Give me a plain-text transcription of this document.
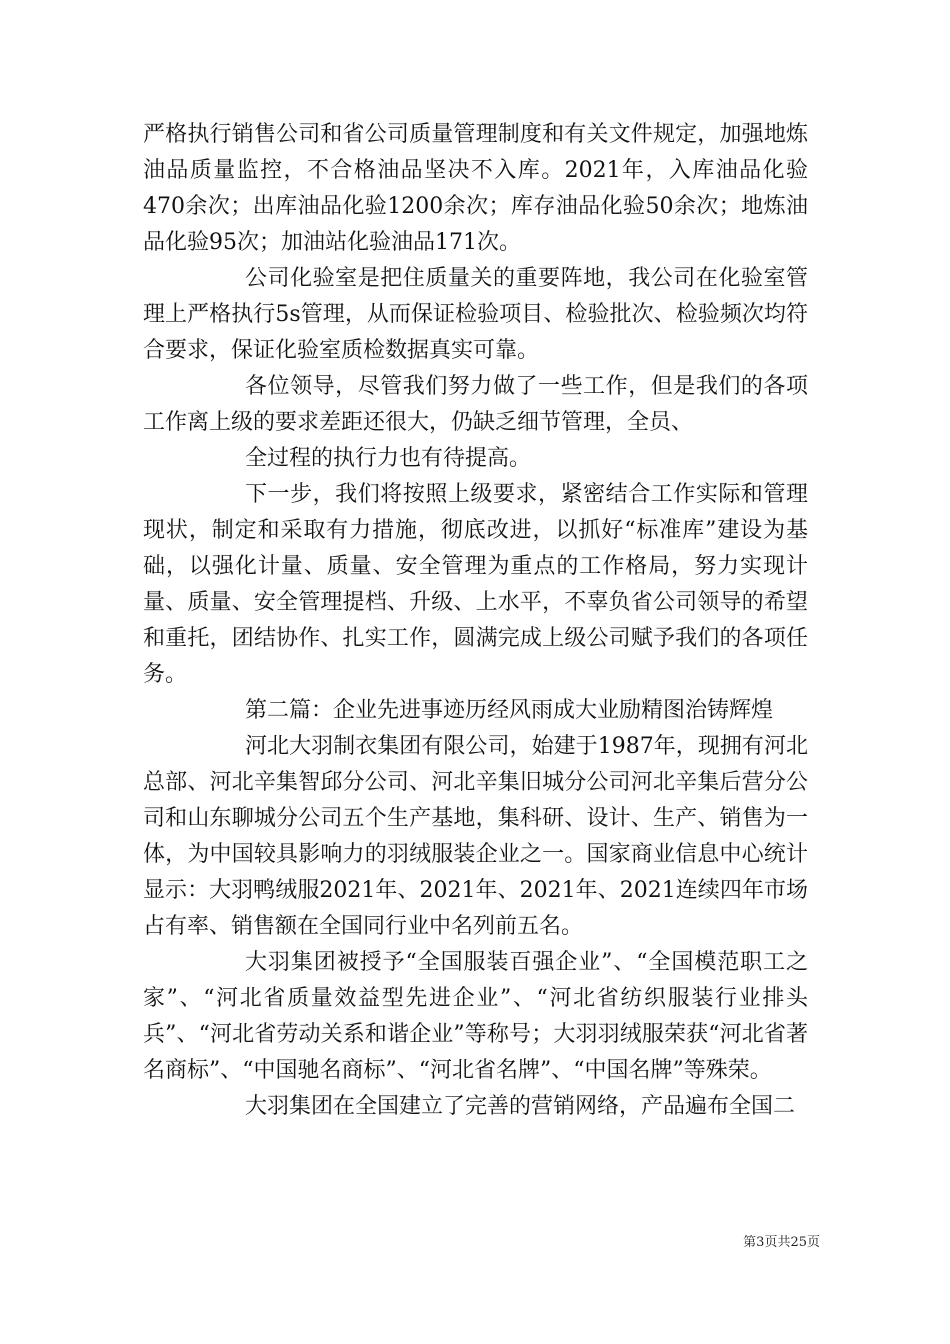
严格执行销售公司和省公司质量管理制度和有关文件规定，加强地炼油品质量监控，不合格油品坚决不入库。2021年，入库油品化验470余次；出库油品化验1200余次；库存油品化验50余次；地炼油品化验95次；加油站化验油品171次。

公司化验室是把住质量关的重要阵地，我公司在化验室管理上严格执行5s管理，从而保证检验项目、检验批次、检验频次均符合要求，保证化验室质检数据真实可靠。

各位领导，尽管我们努力做了一些工作，但是我们的各项工作离上级的要求差距还很大，仍缺乏细节管理，全员、

全过程的执行力也有待提高。

下一步，我们将按照上级要求，紧密结合工作实际和管理现状，制定和采取有力措施，彻底改进，以抓好“标准库”建设为基础，以强化计量、质量、安全管理为重点的工作格局，努力实现计量、质量、安全管理提档、升级、上水平，不辜负省公司领导的希望和重托，团结协作、扎实工作，圆满完成上级公司赋予我们的各项任务。

第二篇：企业先进事迹历经风雨成大业励精图治铸辉煌

河北大羽制衣集团有限公司，始建于1987年，现拥有河北总部、河北辛集智邱分公司、河北辛集旧城分公司河北辛集后营分公司和山东聊城分公司五个生产基地，集科研、设计、生产、销售为一体，为中国较具影响力的羽绒服装企业之一。国家商业信息中心统计显示：大羽鸭绒服2021年、2021年、2021年、2021连续四年市场占有率、销售额在全国同行业中名列前五名。

大羽集团被授予“全国服装百强企业”、“全国模范职工之家”、“河北省质量效益型先进企业”、“河北省纺织服装行业排头兵”、“河北省劳动关系和谐企业”等称号；大羽羽绒服荣获“河北省著名商标”、“中国驰名商标”、“河北省名牌”、“中国名牌”等殊荣。

大羽集团在全国建立了完善的营销网络，产品遍布全国二

第3页共25页
